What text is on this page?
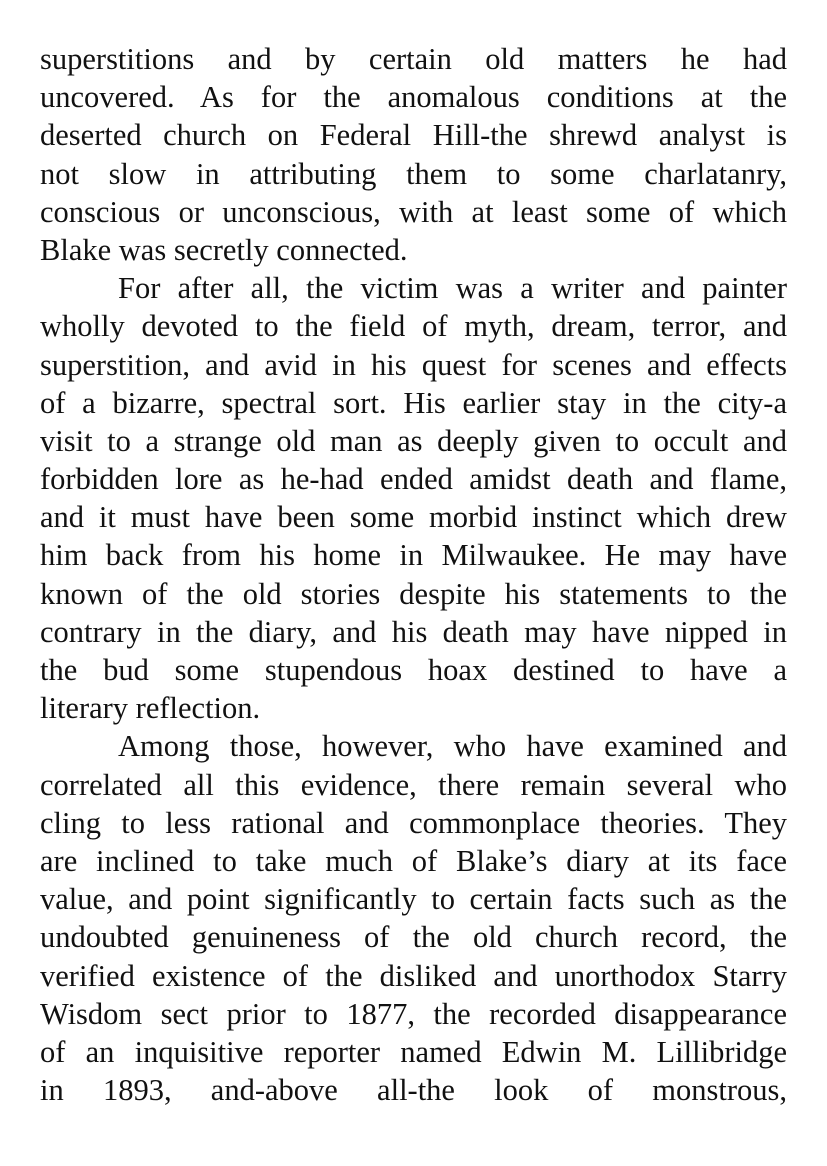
superstitions and by certain old matters he had
uncovered. As for the anomalous conditions at the
deserted church on Federal Hill-the shrewd analyst is
not slow in attributing them to some charlatanry,
conscious or unconscious, with at least some of which
Blake was secretly connected.
For after all, the victim was a writer and painter
wholly devoted to the field of myth, dream, terror, and
superstition, and avid in his quest for scenes and effects
of a bizarre, spectral sort. His earlier stay in the city-a
visit to a strange old man as deeply given to occult and
forbidden lore as he-had ended amidst death and flame,
and it must have been some morbid instinct which drew
him back from his home in Milwaukee. He may have
known of the old stories despite his statements to the
contrary in the diary, and his death may have nipped in
the bud some stupendous hoax destined to have a
literary reflection.
Among those, however, who have examined and
correlated all this evidence, there remain several who
cling to less rational and commonplace theories. They
are inclined to take much of Blake’s diary at its face
value, and point significantly to certain facts such as the
undoubted genuineness of the old church record, the
verified existence of the disliked and unorthodox Starry
Wisdom sect prior to 1877, the recorded disappearance
of an inquisitive reporter named Edwin M. Lillibridge
in 1893, and-above all-the look of monstrous,
